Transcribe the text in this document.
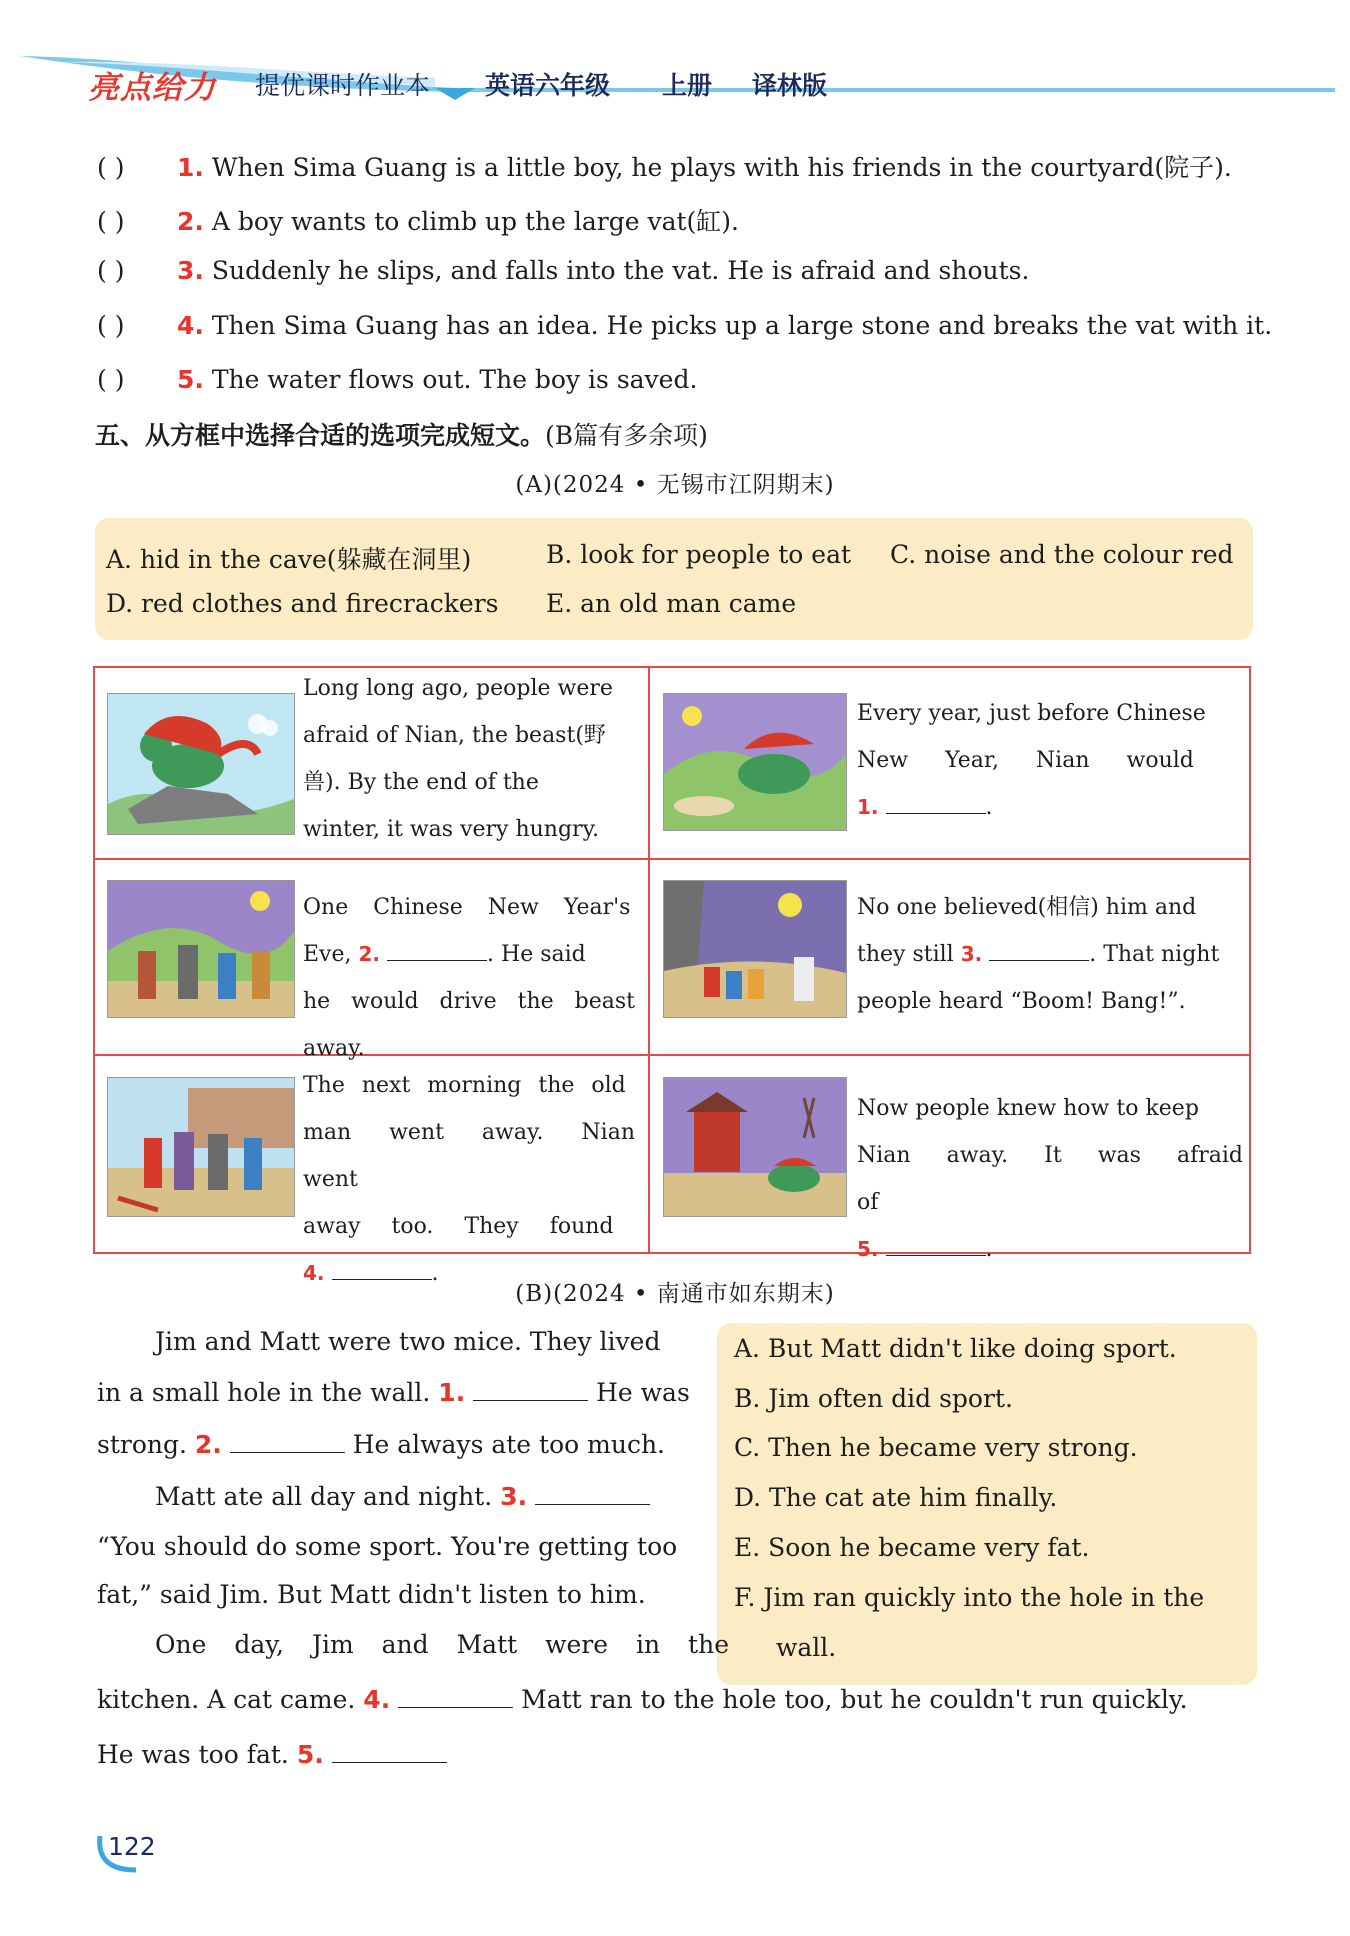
亮点给力 提优课时作业本 英语六年级 上册 译林版
( ) 1. When Sima Guang is a little boy, he plays with his friends in the courtyard(院子).
( ) 2. A boy wants to climb up the large vat(缸).
( ) 3. Suddenly he slips, and falls into the vat. He is afraid and shouts.
( ) 4. Then Sima Guang has an idea. He picks up a large stone and breaks the vat with it.
( ) 5. The water flows out. The boy is saved.
五、从方框中选择合适的选项完成短文。(B篇有多余项)
(A)(2024 • 无锡市江阴期末)
A. hid in the cave(躲藏在洞里)	B. look for people to eat C. noise and the colour red
D. red clothes and firecrackers E. an old man came
Long long ago, people were
afraid of Nian, the beast(野
兽). By the end of the
winter, it was very hungry.
Every year, just before Chinese
New Year, Nian would
1.	.
One Chinese New Year's
Eve, 2.	. He said
he would drive the beast away.
No one believed(相信) him and
they still 3.	. That night
people heard “Boom! Bang!”.
The next morning the old
man went away. Nian went
away too. They found
4.	.
Now people knew how to keep
Nian away. It was afraid of
5.	.
(B)(2024 • 南通市如东期末)
A. But Matt didn't like doing sport.
B. Jim often did sport.
C. Then he became very strong.
D. The cat ate him finally.
E. Soon he became very fat.
F. Jim ran quickly into the hole in the
wall.
Jim and Matt were two mice. They lived
in a small hole in the wall. 1.	He was
strong. 2.	He always ate too much.
Matt ate all day and night. 3.
“You should do some sport. You're getting too
fat,” said Jim. But Matt didn't listen to him.
One day, Jim and Matt were in the
kitchen. A cat came. 4.	Matt ran to the hole too, but he couldn't run quickly.
He was too fat. 5.
122
